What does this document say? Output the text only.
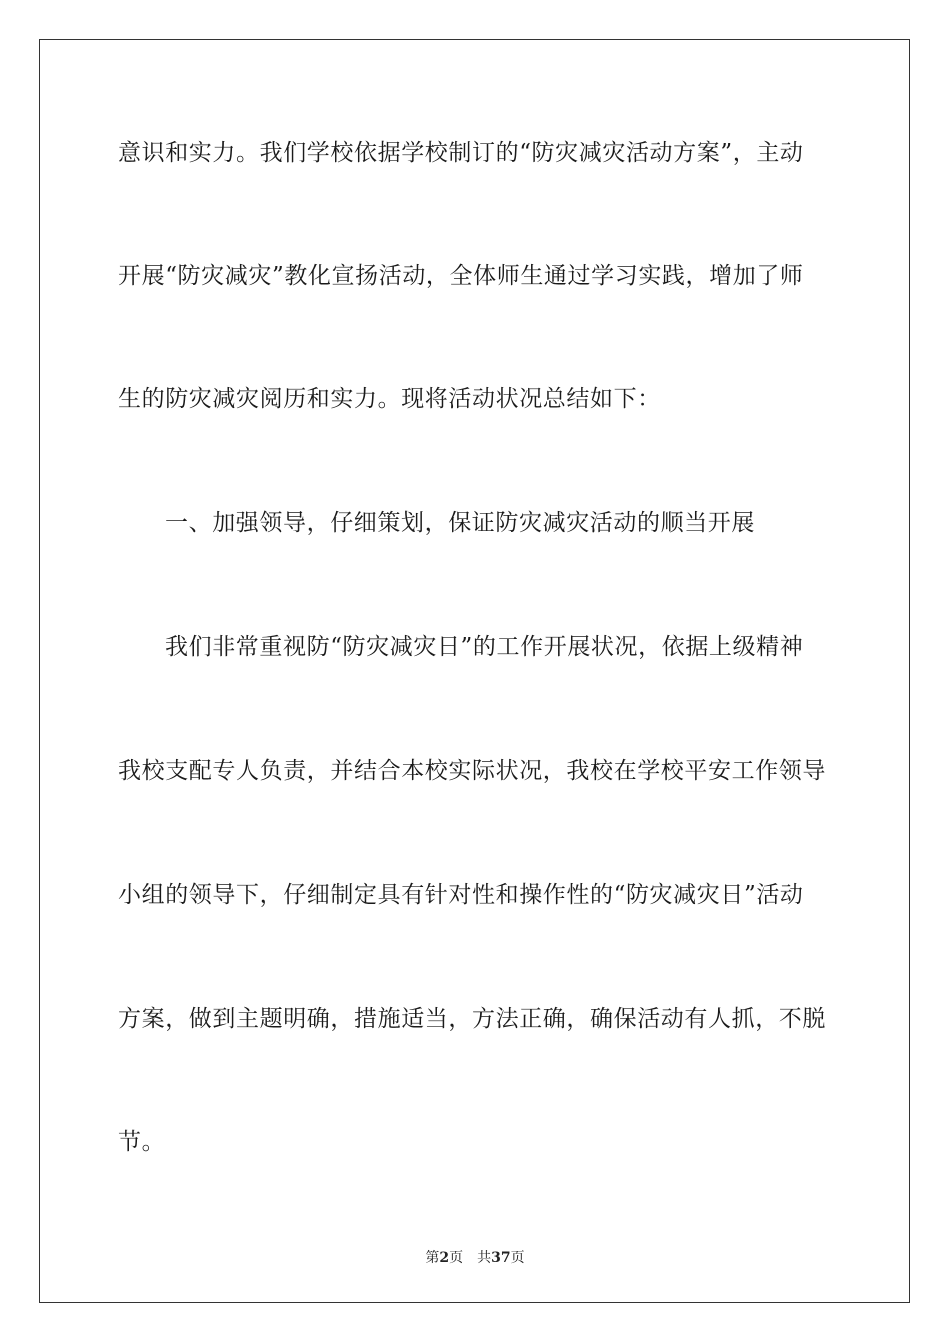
意识和实力。我们学校依据学校制订的“防灾减灾活动方案”，主动
开展“防灾减灾”教化宣扬活动，全体师生通过学习实践，增加了师
生的防灾减灾阅历和实力。现将活动状况总结如下：
一、加强领导，仔细策划，保证防灾减灾活动的顺当开展
我们非常重视防“防灾减灾日”的工作开展状况，依据上级精神
我校支配专人负责，并结合本校实际状况，我校在学校平安工作领导
小组的领导下，仔细制定具有针对性和操作性的“防灾减灾日”活动
方案，做到主题明确，措施适当，方法正确，确保活动有人抓，不脱
节。
第2页 共37页
